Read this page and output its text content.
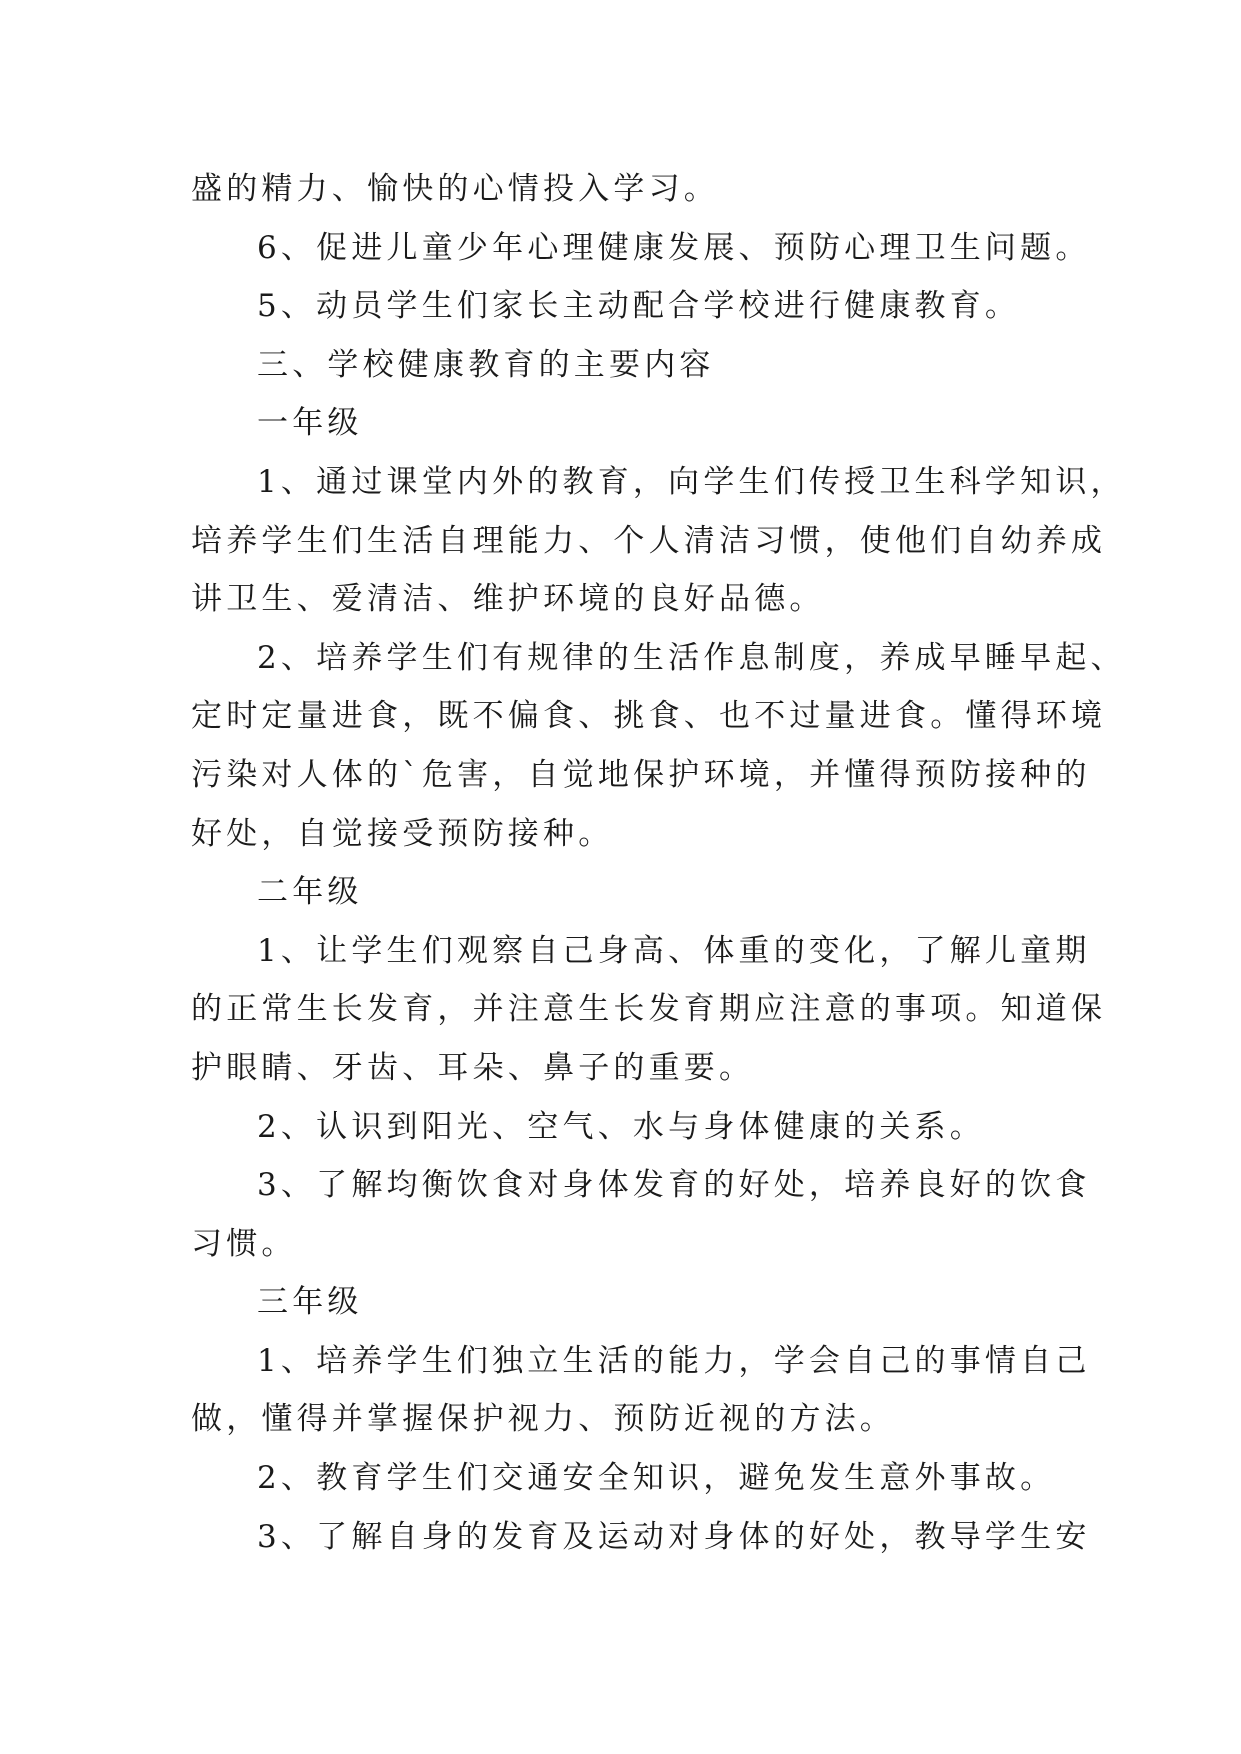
盛的精力、愉快的心情投入学习。
6、促进儿童少年心理健康发展、预防心理卫生问题。
5、动员学生们家长主动配合学校进行健康教育。
三、学校健康教育的主要内容
一年级
1、通过课堂内外的教育，向学生们传授卫生科学知识，
培养学生们生活自理能力、个人清洁习惯，使他们自幼养成
讲卫生、爱清洁、维护环境的良好品德。
2、培养学生们有规律的生活作息制度，养成早睡早起、
定时定量进食，既不偏食、挑食、也不过量进食。懂得环境
污染对人体的`危害，自觉地保护环境，并懂得预防接种的
好处，自觉接受预防接种。
二年级
1、让学生们观察自己身高、体重的变化，了解儿童期
的正常生长发育，并注意生长发育期应注意的事项。知道保
护眼睛、牙齿、耳朵、鼻子的重要。
2、认识到阳光、空气、水与身体健康的关系。
3、了解均衡饮食对身体发育的好处，培养良好的饮食
习惯。
三年级
1、培养学生们独立生活的能力，学会自己的事情自己
做，懂得并掌握保护视力、预防近视的方法。
2、教育学生们交通安全知识，避免发生意外事故。
3、了解自身的发育及运动对身体的好处，教导学生安
